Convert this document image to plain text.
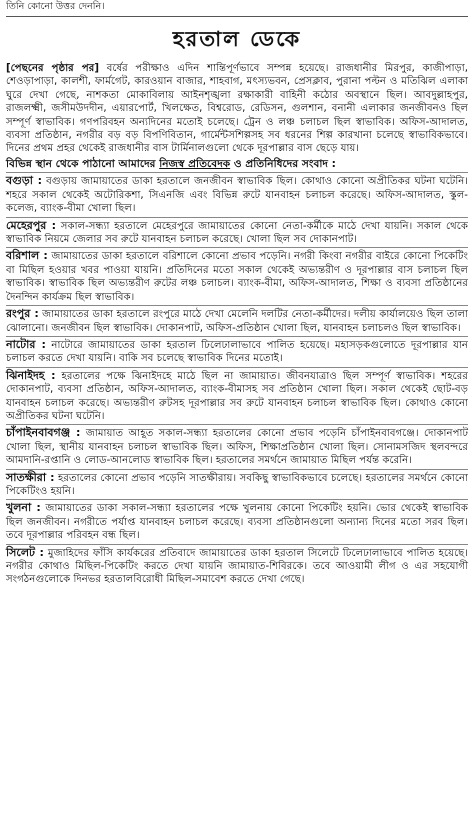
তিনি কোনো উত্তর দেননি।
হরতাল ডেকে

[পেছনের পৃষ্ঠার পর] বর্ষের পরীক্ষাও এদিন শান্তিপূর্ণভাবে সম্পন্ন হয়েছে। রাজধানীর মিরপুর, কাজীপাড়া, শেওড়াপাড়া, কালশী, ফার্মগেট, কারওয়ান বাজার, শাহবাগ, মৎস্যভবন, প্রেসক্লাব, পুরানা পল্টন ও মতিঝিল এলাকা ঘুরে দেখা গেছে, নাশকতা মোকাবিলায় আইনশৃঙ্খলা রক্ষাকারী বাহিনী কঠোর অবস্থানে ছিল। আবদুল্লাহপুর, রাজলক্ষ্মী, জসীমউদদীন, এয়ারপোর্ট, খিলক্ষেত, বিশ্বরোড, রেডিসন, গুলশান, বনানী এলাকার জনজীবনও ছিল সম্পূর্ণ স্বাভাবিক। গণপরিবহন অন্যদিনের মতোই চলেছে। ট্রেন ও লঞ্চ চলাচল ছিল স্বাভাবিক। অফিস-আদালত, ব্যবসা প্রতিষ্ঠান, নগরীর বড় বড় বিপণিবিতান, গার্মেন্টসশিল্পসহ সব ধরনের শিল্প কারখানা চলেছে স্বাভাবিকভাবে। দিনের প্রথম প্রহর থেকেই রাজধানীর বাস টার্মিনালগুলো থেকে দূরপাল্লার বাস ছেড়ে যায়।

বিভিন্ন স্থান থেকে পাঠানো আমাদের নিজস্ব প্রতিবেদক ও প্রতিনিধিদের সংবাদ :

বগুড়া : বগুড়ায় জামায়াতের ডাকা হরতালে জনজীবন স্বাভাবিক ছিল। কোথাও কোনো অপ্রীতিকর ঘটনা ঘটেনি। শহরে সকাল থেকেই অটোরিকশা, সিএনজি এবং বিভিন্ন রুটে যানবাহন চলাচল করেছে। অফিস-আদালত, স্কুল-কলেজ, ব্যাংক-বীমা খোলা ছিল।

মেহেরপুর : সকাল-সন্ধ্যা হরতালে মেহেরপুরে জামায়াতের কোনো নেতা-কর্মীকে মাঠে দেখা যায়নি। সকাল থেকে স্বাভাবিক নিয়মে জেলার সব রুটে যানবাহন চলাচল করেছে। খোলা ছিল সব দোকানপাট।

বরিশাল : জামায়াতের ডাকা হরতালে বরিশালে কোনো প্রভাব পড়েনি। নগরী কিংবা নগরীর বাইরে কোনো পিকেটিং বা মিছিল হওয়ার খবর পাওয়া যায়নি। প্রতিদিনের মতো সকাল থেকেই অভ্যন্তরীণ ও দূরপাল্লার বাস চলাচল ছিল স্বাভাবিক। স্বাভাবিক ছিল অভ্যন্তরীণ রুটের লঞ্চ চলাচল। ব্যাংক-বীমা, অফিস-আদালত, শিক্ষা ও ব্যবসা প্রতিষ্ঠানের দৈনন্দিন কার্যক্রম ছিল স্বাভাবিক।

রংপুর : জামায়াতের ডাকা হরতালে রংপুরে মাঠে দেখা মেলেনি দলটির নেতা-কর্মীদের। দলীয় কার্যালয়েও ছিল তালা ঝোলানো। জনজীবন ছিল স্বাভাবিক। দোকানপাট, অফিস-প্রতিষ্ঠান খোলা ছিল, যানবাহন চলাচলও ছিল স্বাভাবিক।

নাটোর : নাটোরে জামায়াতের ডাকা হরতাল ঢিলেঢালাভাবে পালিত হয়েছে। মহাসড়কগুলোতে দূরপাল্লার যান চলাচল করতে দেখা যায়নি। বাকি সব চলেছে স্বাভাবিক দিনের মতোই।

ঝিনাইদহ : হরতালের পক্ষে ঝিনাইদহে মাঠে ছিল না জামায়াত। জীবনযাত্রাও ছিল সম্পূর্ণ স্বাভাবিক। শহরের দোকানপাট, ব্যবসা প্রতিষ্ঠান, অফিস-আদালত, ব্যাংক-বীমাসহ সব প্রতিষ্ঠান খোলা ছিল। সকাল থেকেই ছোট-বড় যানবাহন চলাচল করেছে। অভ্যন্তরীণ রুটসহ দূরপাল্লার সব রুটে যানবাহন চলাচল স্বাভাবিক ছিল। কোথাও কোনো অপ্রীতিকর ঘটনা ঘটেনি।

চাঁপাইনবাবগঞ্জ : জামায়াত আহূত সকাল-সন্ধ্যা হরতালের কোনো প্রভাব পড়েনি চাঁপাইনবাবগঞ্জে। দোকানপাট খোলা ছিল, স্থানীয় যানবাহন চলাচল স্বাভাবিক ছিল। অফিস, শিক্ষাপ্রতিষ্ঠান খোলা ছিল। সোনামসজিদ স্থলবন্দরে আমদানি-রপ্তানি ও লোড-আনলোড স্বাভাবিক ছিল। হরতালের সমর্থনে জামায়াত মিছিল পর্যন্ত করেনি।

সাতক্ষীরা : হরতালের কোনো প্রভাব পড়েনি সাতক্ষীরায়। সবকিছু স্বাভাবিকভাবে চলেছে। হরতালের সমর্থনে কোনো পিকেটিংও হয়নি।

খুলনা : জামায়াতের ডাকা সকাল-সন্ধ্যা হরতালের পক্ষে খুলনায় কোনো পিকেটিং হয়নি। ভোর থেকেই স্বাভাবিক ছিল জনজীবন। নগরীতে পর্যাপ্ত যানবাহন চলাচল করেছে। ব্যবসা প্রতিষ্ঠানগুলো অন্যান্য দিনের মতো সরব ছিল। তবে দূরপাল্লার পরিবহন বন্ধ ছিল।

সিলেট : মুজাহিদের ফাঁসি কার্যকরের প্রতিবাদে জামায়াতের ডাকা হরতাল সিলেটে ঢিলেঢালাভাবে পালিত হয়েছে। নগরীর কোথাও মিছিল-পিকেটিং করতে দেখা যায়নি জামায়াত-শিবিরকে। তবে আওয়ামী লীগ ও এর সহযোগী সংগঠনগুলোকে দিনভর হরতালবিরোধী মিছিল-সমাবেশ করতে দেখা গেছে।
